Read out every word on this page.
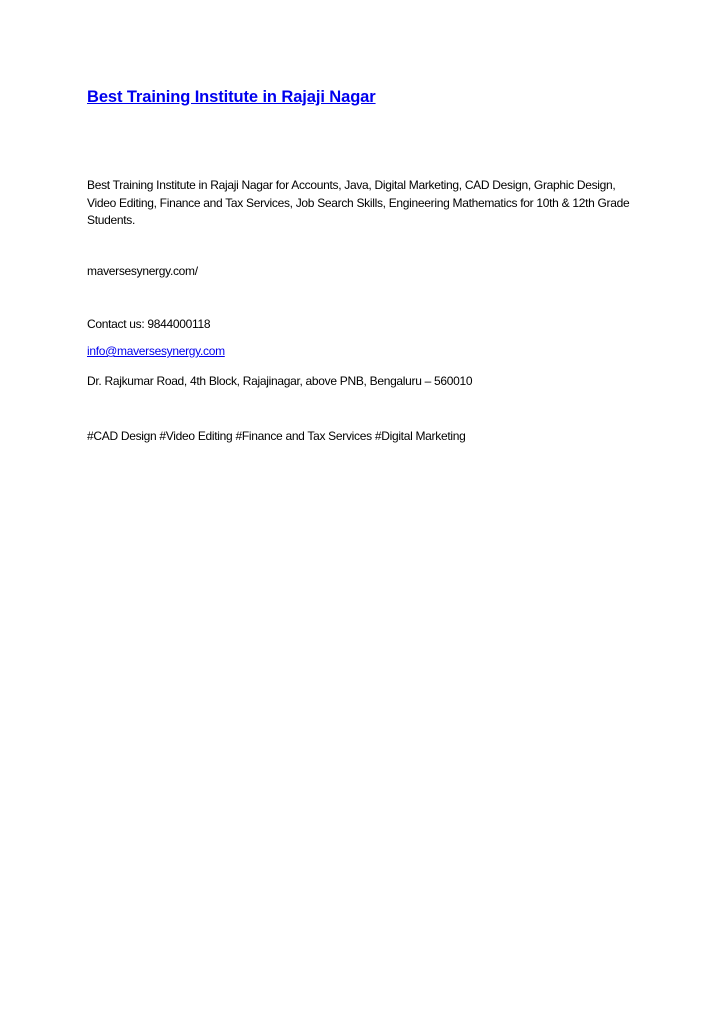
Best Training Institute in Rajaji Nagar

Best Training Institute in Rajaji Nagar for Accounts, Java, Digital Marketing, CAD Design, Graphic Design, Video Editing, Finance and Tax Services, Job Search Skills, Engineering Mathematics for 10th & 12th Grade Students.

maversesynergy.com/

Contact us: 9844000118

info@maversesynergy.com

Dr. Rajkumar Road, 4th Block, Rajajinagar, above PNB, Bengaluru – 560010

#CAD Design #Video Editing #Finance and Tax Services #Digital Marketing
